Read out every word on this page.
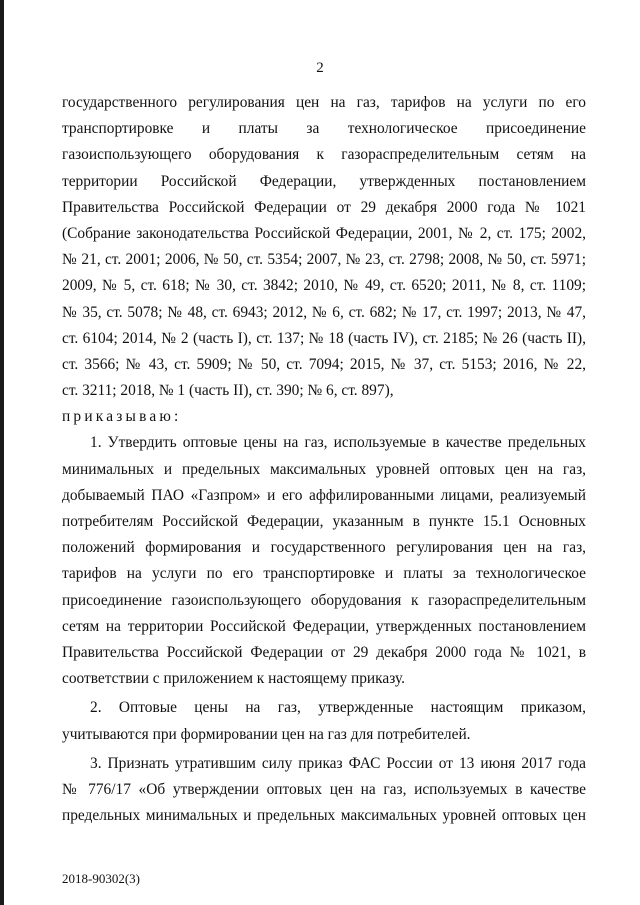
2
государственного регулирования цен на газ, тарифов на услуги по его
транспортировке и платы за технологическое присоединение
газоиспользующего оборудования к газораспределительным сетям на
территории Российской Федерации, утвержденных постановлением
Правительства Российской Федерации от 29 декабря 2000 года № 1021
(Собрание законодательства Российской Федерации, 2001, № 2, ст. 175; 2002,
№ 21, ст. 2001; 2006, № 50, ст. 5354; 2007, № 23, ст. 2798; 2008, № 50, ст. 5971;
2009, № 5, ст. 618; № 30, ст. 3842; 2010, № 49, ст. 6520; 2011, № 8, ст. 1109;
№ 35, ст. 5078; № 48, ст. 6943; 2012, № 6, ст. 682; № 17, ст. 1997; 2013, № 47,
ст. 6104; 2014, № 2 (часть I), ст. 137; № 18 (часть IV), ст. 2185; № 26 (часть II),
ст. 3566; № 43, ст. 5909; № 50, ст. 7094; 2015, № 37, ст. 5153; 2016, № 22,
ст. 3211; 2018, № 1 (часть II), ст. 390; № 6, ст. 897),
приказываю:
1. Утвердить оптовые цены на газ, используемые в качестве предельных
минимальных и предельных максимальных уровней оптовых цен на газ,
добываемый ПАО «Газпром» и его аффилированными лицами, реализуемый
потребителям Российской Федерации, указанным в пункте 15.1 Основных
положений формирования и государственного регулирования цен на газ,
тарифов на услуги по его транспортировке и платы за технологическое
присоединение газоиспользующего оборудования к газораспределительным
сетям на территории Российской Федерации, утвержденных постановлением
Правительства Российской Федерации от 29 декабря 2000 года № 1021, в
соответствии с приложением к настоящему приказу.
2. Оптовые цены на газ, утвержденные настоящим приказом,
учитываются при формировании цен на газ для потребителей.
3. Признать утратившим силу приказ ФАС России от 13 июня 2017 года
№ 776/17 «Об утверждении оптовых цен на газ, используемых в качестве
предельных минимальных и предельных максимальных уровней оптовых цен
2018-90302(3)
